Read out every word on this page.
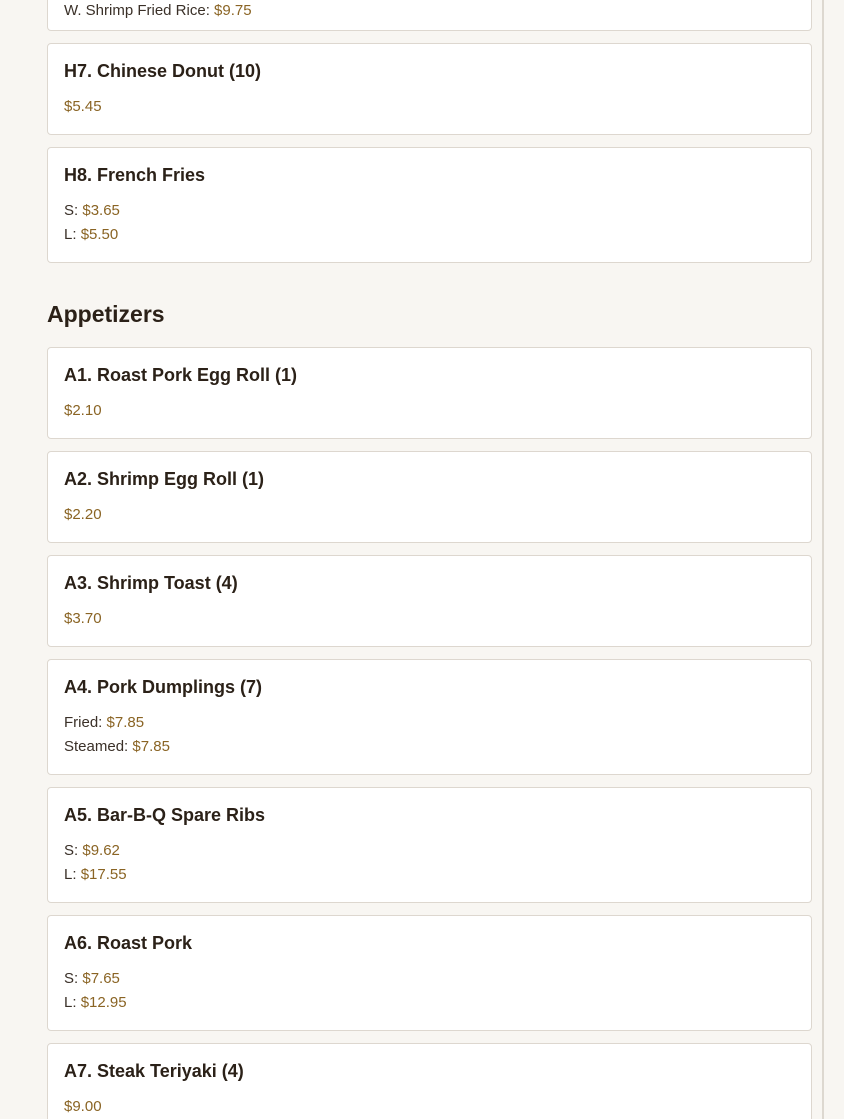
W. Shrimp Fried Rice: $9.75
H7. Chinese Donut (10)
$5.45
H8. French Fries
S: $3.65
L: $5.50
Appetizers
A1. Roast Pork Egg Roll (1)
$2.10
A2. Shrimp Egg Roll (1)
$2.20
A3. Shrimp Toast (4)
$3.70
A4. Pork Dumplings (7)
Fried: $7.85
Steamed: $7.85
A5. Bar-B-Q Spare Ribs
S: $9.62
L: $17.55
A6. Roast Pork
S: $7.65
L: $12.95
A7. Steak Teriyaki (4)
$9.00
